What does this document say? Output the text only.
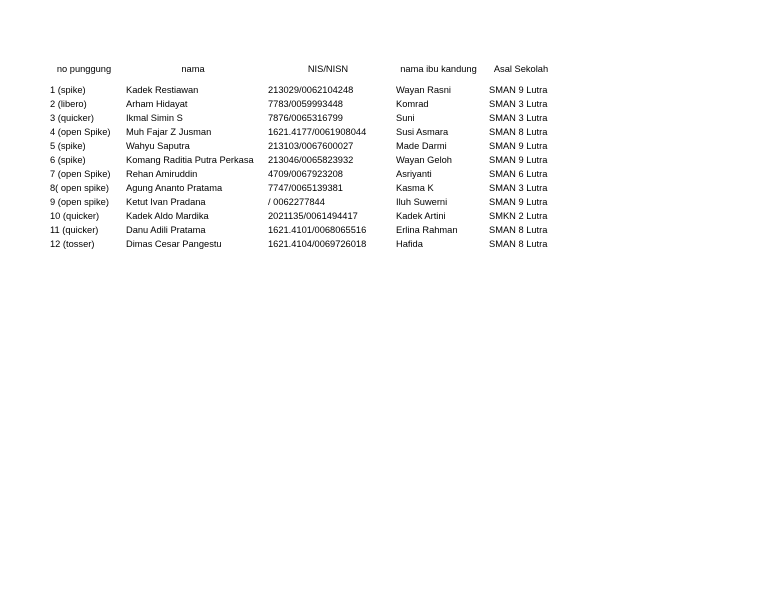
no punggung	nama	NIS/NISN	nama ibu kandung	Asal Sekolah

1 (spike)	Kadek Restiawan	213029/0062104248	Wayan Rasni	SMAN 9 Lutra
2 (libero)	Arham Hidayat	7783/0059993448	Komrad	SMAN 3 Lutra
3 (quicker)	Ikmal Simin S	7876/0065316799	Suni	SMAN 3 Lutra
4 (open Spike)	Muh Fajar Z Jusman	1621.4177/0061908044	Susi Asmara	SMAN 8 Lutra
5 (spike)	Wahyu Saputra	213103/0067600027	Made Darmi	SMAN 9 Lutra
6 (spike)	Komang Raditia Putra Perkasa	213046/0065823932	Wayan Geloh	SMAN 9 Lutra
7 (open Spike)	Rehan Amiruddin	4709/0067923208	Asriyanti	SMAN 6 Lutra
8( open spike)	Agung Ananto Pratama	7747/0065139381	Kasma K	SMAN 3 Lutra
9 (open spike)	Ketut Ivan Pradana	/ 0062277844	Iluh Suwerni	SMAN 9 Lutra
10 (quicker)	Kadek Aldo Mardika	2021135/0061494417	Kadek Artini	SMKN 2 Lutra
11 (quicker)	Danu Adili Pratama	1621.4101/0068065516	Erlina Rahman	SMAN 8 Lutra
12 (tosser)	Dimas Cesar Pangestu	1621.4104/0069726018	Hafida	SMAN 8 Lutra
